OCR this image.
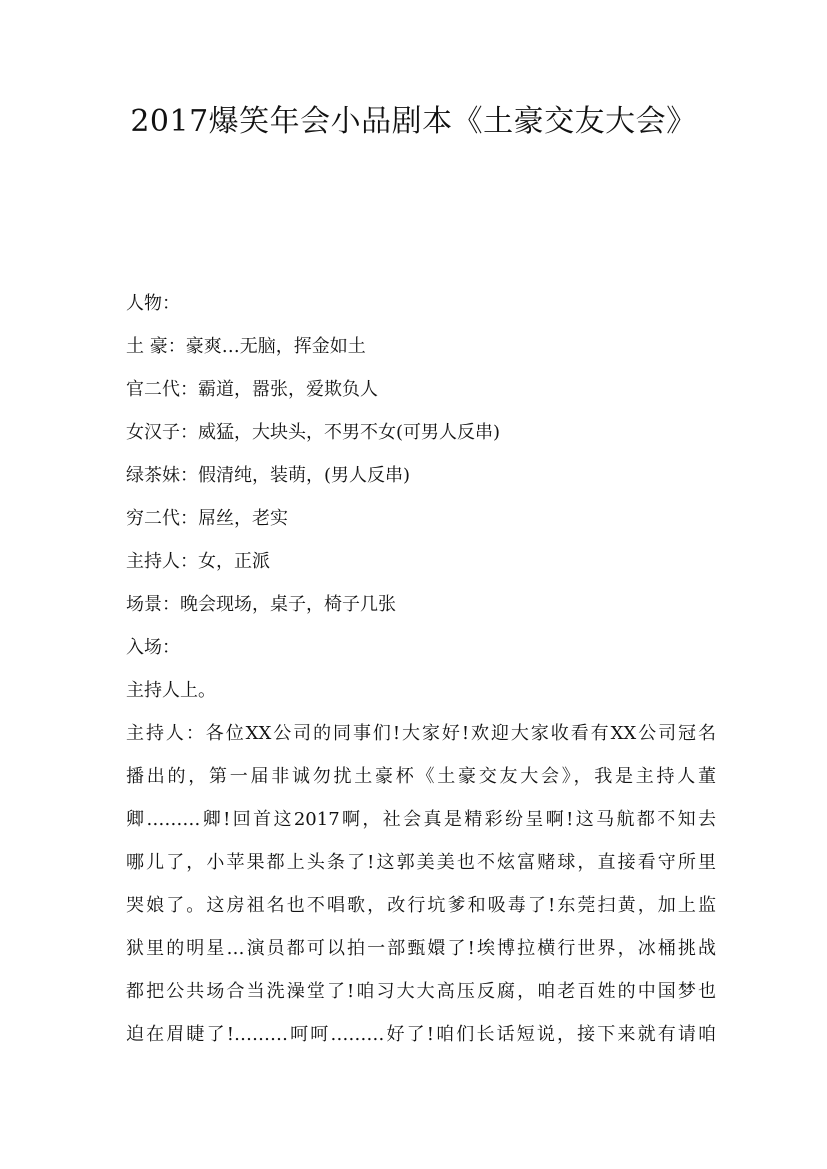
2017爆笑年会小品剧本《土豪交友大会》
人物：
土 豪：豪爽…无脑，挥金如土
官二代：霸道，嚣张，爱欺负人
女汉子：威猛，大块头，不男不女(可男人反串)
绿茶妹：假清纯，装萌，(男人反串)
穷二代：屌丝，老实
主持人：女，正派
场景：晚会现场，桌子，椅子几张
入场：
主持人上。
主持人：各位XX公司的同事们!大家好!欢迎大家收看有XX公司冠名
播出的，第一届非诚勿扰土豪杯《土豪交友大会》，我是主持人董
卿………卿!回首这2017啊，社会真是精彩纷呈啊!这马航都不知去
哪儿了，小苹果都上头条了!这郭美美也不炫富赌球，直接看守所里
哭娘了。这房祖名也不唱歌，改行坑爹和吸毒了!东莞扫黄，加上监
狱里的明星…演员都可以拍一部甄嬛了!埃博拉横行世界，冰桶挑战
都把公共场合当洗澡堂了!咱习大大高压反腐，咱老百姓的中国梦也
迫在眉睫了!………呵呵………好了!咱们长话短说，接下来就有请咱
